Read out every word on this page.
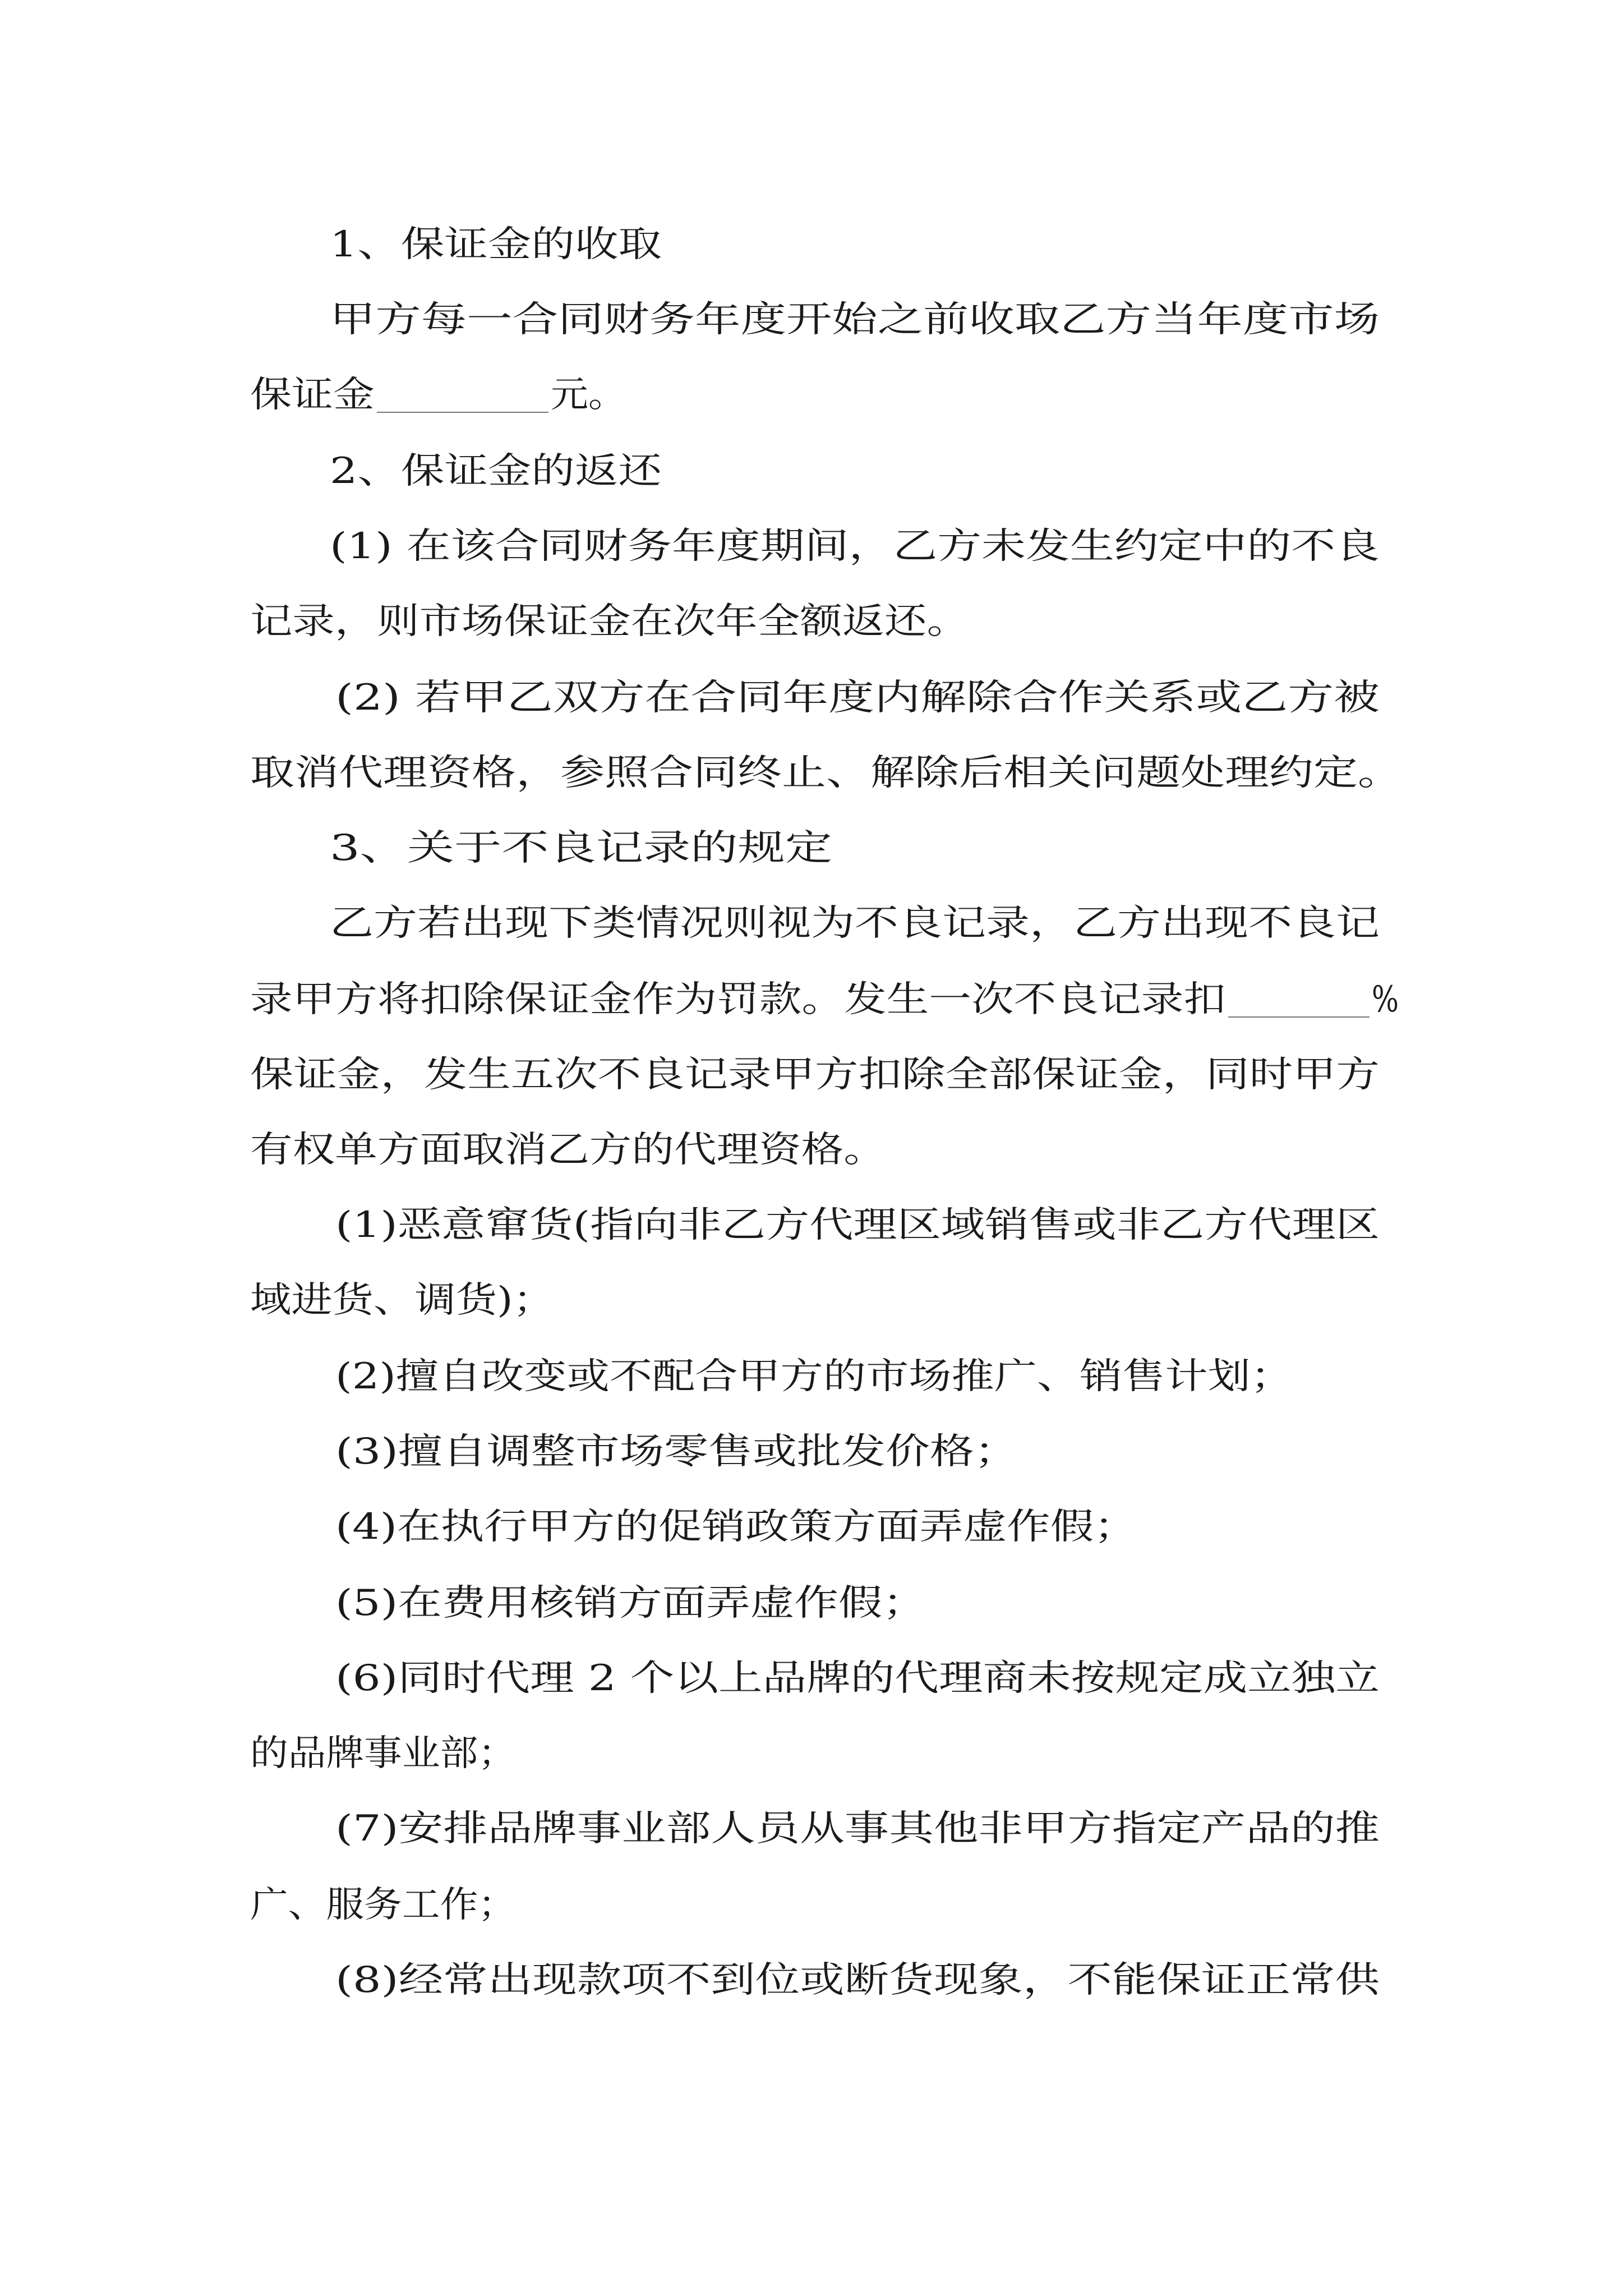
1、保证金的收取
甲方每一合同财务年度开始之前收取乙方当年度市场
保证金	元。
2、保证金的返还
(1) 在该合同财务年度期间，乙方未发生约定中的不良
记录，则市场保证金在次年全额返还。
(2) 若甲乙双方在合同年度内解除合作关系或乙方被
取消代理资格，参照合同终止、解除后相关问题处理约定。
3、关于不良记录的规定
乙方若出现下类情况则视为不良记录，乙方出现不良记
录甲方将扣除保证金作为罚款。发生一次不良记录扣	%
保证金，发生五次不良记录甲方扣除全部保证金，同时甲方
有权单方面取消乙方的代理资格。
(1)恶意窜货(指向非乙方代理区域销售或非乙方代理区
域进货、调货)；
(2)擅自改变或不配合甲方的市场推广、销售计划；
(3)擅自调整市场零售或批发价格；
(4)在执行甲方的促销政策方面弄虚作假；
(5)在费用核销方面弄虚作假；
(6)同时代理 2 个以上品牌的代理商未按规定成立独立
的品牌事业部；
(7)安排品牌事业部人员从事其他非甲方指定产品的推
广、服务工作；
(8)经常出现款项不到位或断货现象，不能保证正常供
